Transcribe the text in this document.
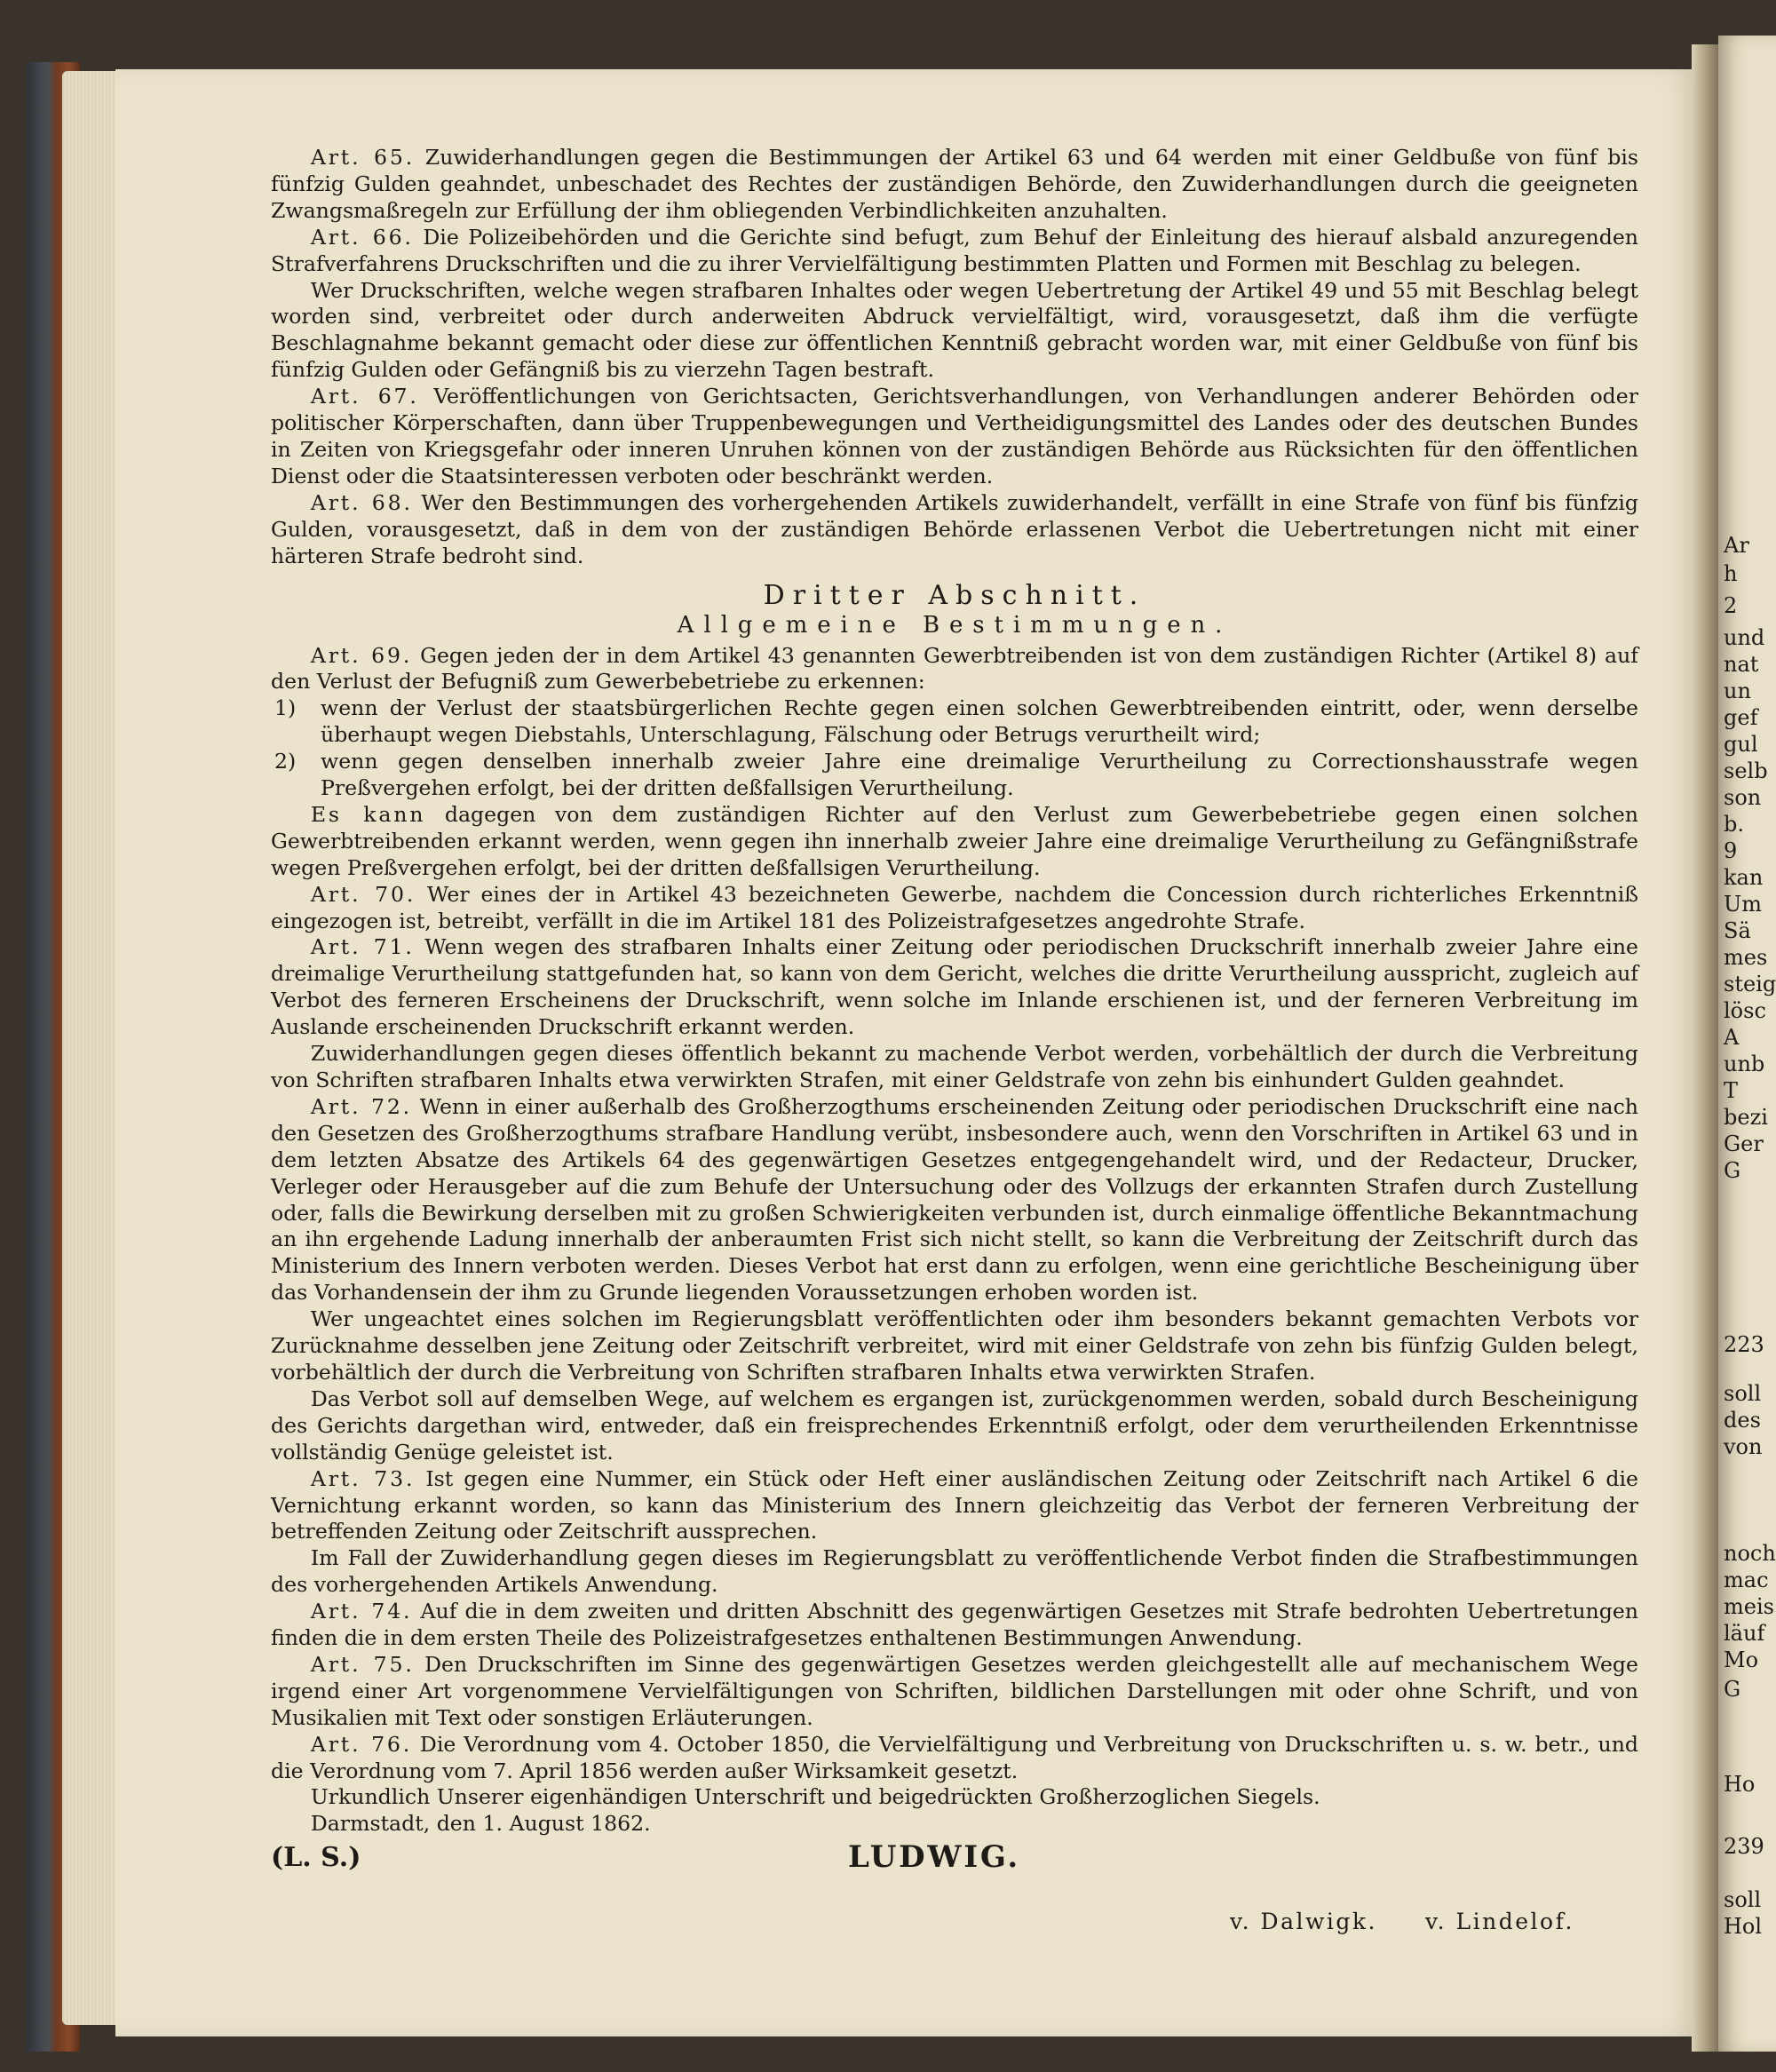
Ar
h
2
und
nat
un
gef
gul
selb
son
b.
9
kan
Um
Sä
mes
steig
lösc
A
unb
T
bezi
Ger
G
223
soll
des
von
noch
mac
meis
läuf
Mo
G
Ho
239
soll
Hol

Art. 65. Zuwiderhandlungen gegen die Bestimmungen der Artikel 63 und 64 werden mit einer Geldbuße von fünf bis fünfzig Gulden geahndet, unbeschadet des Rechtes der zuständigen Behörde, den Zuwiderhandlungen durch die geeigneten Zwangsmaßregeln zur Erfüllung der ihm obliegenden Verbindlichkeiten anzuhalten.

Art. 66. Die Polizeibehörden und die Gerichte sind befugt, zum Behuf der Einleitung des hierauf alsbald anzuregenden Strafverfahrens Druckschriften und die zu ihrer Vervielfältigung bestimmten Platten und Formen mit Beschlag zu belegen.

Wer Druckschriften, welche wegen strafbaren Inhaltes oder wegen Uebertretung der Artikel 49 und 55 mit Beschlag belegt worden sind, verbreitet oder durch anderweiten Abdruck vervielfältigt, wird, vorausgesetzt, daß ihm die verfügte Beschlagnahme bekannt gemacht oder diese zur öffentlichen Kenntniß gebracht worden war, mit einer Geldbuße von fünf bis fünfzig Gulden oder Gefängniß bis zu vierzehn Tagen bestraft.

Art. 67. Veröffentlichungen von Gerichtsacten, Gerichtsverhandlungen, von Verhandlungen anderer Behörden oder politischer Körperschaften, dann über Truppenbewegungen und Vertheidigungsmittel des Landes oder des deutschen Bundes in Zeiten von Kriegsgefahr oder inneren Unruhen können von der zuständigen Behörde aus Rücksichten für den öffentlichen Dienst oder die Staatsinteressen verboten oder beschränkt werden.

Art. 68. Wer den Bestimmungen des vorhergehenden Artikels zuwiderhandelt, verfällt in eine Strafe von fünf bis fünfzig Gulden, vorausgesetzt, daß in dem von der zuständigen Behörde erlassenen Verbot die Uebertretungen nicht mit einer härteren Strafe bedroht sind.

Dritter Abschnitt.
Allgemeine Bestimmungen.

Art. 69. Gegen jeden der in dem Artikel 43 genannten Gewerbtreibenden ist von dem zuständigen Richter (Artikel 8) auf den Verlust der Befugniß zum Gewerbebetriebe zu erkennen:

1) wenn der Verlust der staatsbürgerlichen Rechte gegen einen solchen Gewerbtreibenden eintritt, oder, wenn derselbe überhaupt wegen Diebstahls, Unterschlagung, Fälschung oder Betrugs verurtheilt wird;
2) wenn gegen denselben innerhalb zweier Jahre eine dreimalige Verurtheilung zu Correctionshausstrafe wegen Preßvergehen erfolgt, bei der dritten deßfallsigen Verurtheilung.

Es kann dagegen von dem zuständigen Richter auf den Verlust zum Gewerbebetriebe gegen einen solchen Gewerbtreibenden erkannt werden, wenn gegen ihn innerhalb zweier Jahre eine dreimalige Verurtheilung zu Gefängnißstrafe wegen Preßvergehen erfolgt, bei der dritten deßfallsigen Verurtheilung.

Art. 70. Wer eines der in Artikel 43 bezeichneten Gewerbe, nachdem die Concession durch richterliches Erkenntniß eingezogen ist, betreibt, verfällt in die im Artikel 181 des Polizeistrafgesetzes angedrohte Strafe.

Art. 71. Wenn wegen des strafbaren Inhalts einer Zeitung oder periodischen Druckschrift innerhalb zweier Jahre eine dreimalige Verurtheilung stattgefunden hat, so kann von dem Gericht, welches die dritte Verurtheilung ausspricht, zugleich auf Verbot des ferneren Erscheinens der Druckschrift, wenn solche im Inlande erschienen ist, und der ferneren Verbreitung im Auslande erscheinenden Druckschrift erkannt werden.

Zuwiderhandlungen gegen dieses öffentlich bekannt zu machende Verbot werden, vorbehältlich der durch die Verbreitung von Schriften strafbaren Inhalts etwa verwirkten Strafen, mit einer Geldstrafe von zehn bis einhundert Gulden geahndet.

Art. 72. Wenn in einer außerhalb des Großherzogthums erscheinenden Zeitung oder periodischen Druckschrift eine nach den Gesetzen des Großherzogthums strafbare Handlung verübt, insbesondere auch, wenn den Vorschriften in Artikel 63 und in dem letzten Absatze des Artikels 64 des gegenwärtigen Gesetzes entgegengehandelt wird, und der Redacteur, Drucker, Verleger oder Herausgeber auf die zum Behufe der Untersuchung oder des Vollzugs der erkannten Strafen durch Zustellung oder, falls die Bewirkung derselben mit zu großen Schwierigkeiten verbunden ist, durch einmalige öffentliche Bekanntmachung an ihn ergehende Ladung innerhalb der anberaumten Frist sich nicht stellt, so kann die Verbreitung der Zeitschrift durch das Ministerium des Innern verboten werden. Dieses Verbot hat erst dann zu erfolgen, wenn eine gerichtliche Bescheinigung über das Vorhandensein der ihm zu Grunde liegenden Voraussetzungen erhoben worden ist.

Wer ungeachtet eines solchen im Regierungsblatt veröffentlichten oder ihm besonders bekannt gemachten Verbots vor Zurücknahme desselben jene Zeitung oder Zeitschrift verbreitet, wird mit einer Geldstrafe von zehn bis fünfzig Gulden belegt, vorbehältlich der durch die Verbreitung von Schriften strafbaren Inhalts etwa verwirkten Strafen.

Das Verbot soll auf demselben Wege, auf welchem es ergangen ist, zurückgenommen werden, sobald durch Bescheinigung des Gerichts dargethan wird, entweder, daß ein freisprechendes Erkenntniß erfolgt, oder dem verurtheilenden Erkenntnisse vollständig Genüge geleistet ist.

Art. 73. Ist gegen eine Nummer, ein Stück oder Heft einer ausländischen Zeitung oder Zeitschrift nach Artikel 6 die Vernichtung erkannt worden, so kann das Ministerium des Innern gleichzeitig das Verbot der ferneren Verbreitung der betreffenden Zeitung oder Zeitschrift aussprechen.

Im Fall der Zuwiderhandlung gegen dieses im Regierungsblatt zu veröffentlichende Verbot finden die Strafbestimmungen des vorhergehenden Artikels Anwendung.

Art. 74. Auf die in dem zweiten und dritten Abschnitt des gegenwärtigen Gesetzes mit Strafe bedrohten Uebertretungen finden die in dem ersten Theile des Polizeistrafgesetzes enthaltenen Bestimmungen Anwendung.

Art. 75. Den Druckschriften im Sinne des gegenwärtigen Gesetzes werden gleichgestellt alle auf mechanischem Wege irgend einer Art vorgenommene Vervielfältigungen von Schriften, bildlichen Darstellungen mit oder ohne Schrift, und von Musikalien mit Text oder sonstigen Erläuterungen.

Art. 76. Die Verordnung vom 4. October 1850, die Vervielfältigung und Verbreitung von Druckschriften u. s. w. betr., und die Verordnung vom 7. April 1856 werden außer Wirksamkeit gesetzt.

Urkundlich Unserer eigenhändigen Unterschrift und beigedrückten Großherzoglichen Siegels.

Darmstadt, den 1. August 1862.

(L. S.)	LUDWIG.
v. Dalwigk. v. Lindelof.
